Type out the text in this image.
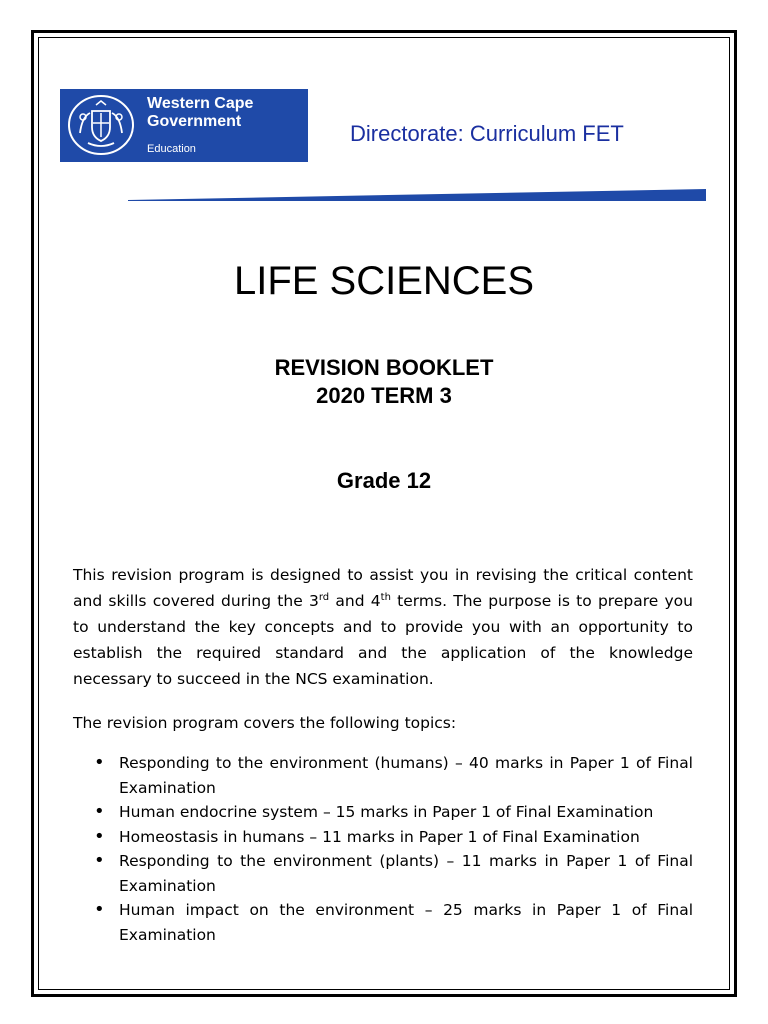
Western Cape
Government
Education
Directorate: Curriculum FET
LIFE SCIENCES
REVISION BOOKLET
2020 TERM 3
Grade 12
This revision program is designed to assist you in revising the critical content and skills covered during the 3rd and 4th terms. The purpose is to prepare you to understand the key concepts and to provide you with an opportunity to establish the required standard and the application of the knowledge necessary to succeed in the NCS examination.
The revision program covers the following topics:
• Responding to the environment (humans) – 40 marks in Paper 1 of Final Examination
• Human endocrine system – 15 marks in Paper 1 of Final Examination
• Homeostasis in humans – 11 marks in Paper 1 of Final Examination
• Responding to the environment (plants) – 11 marks in Paper 1 of Final Examination
• Human impact on the environment – 25 marks in Paper 1 of Final Examination
